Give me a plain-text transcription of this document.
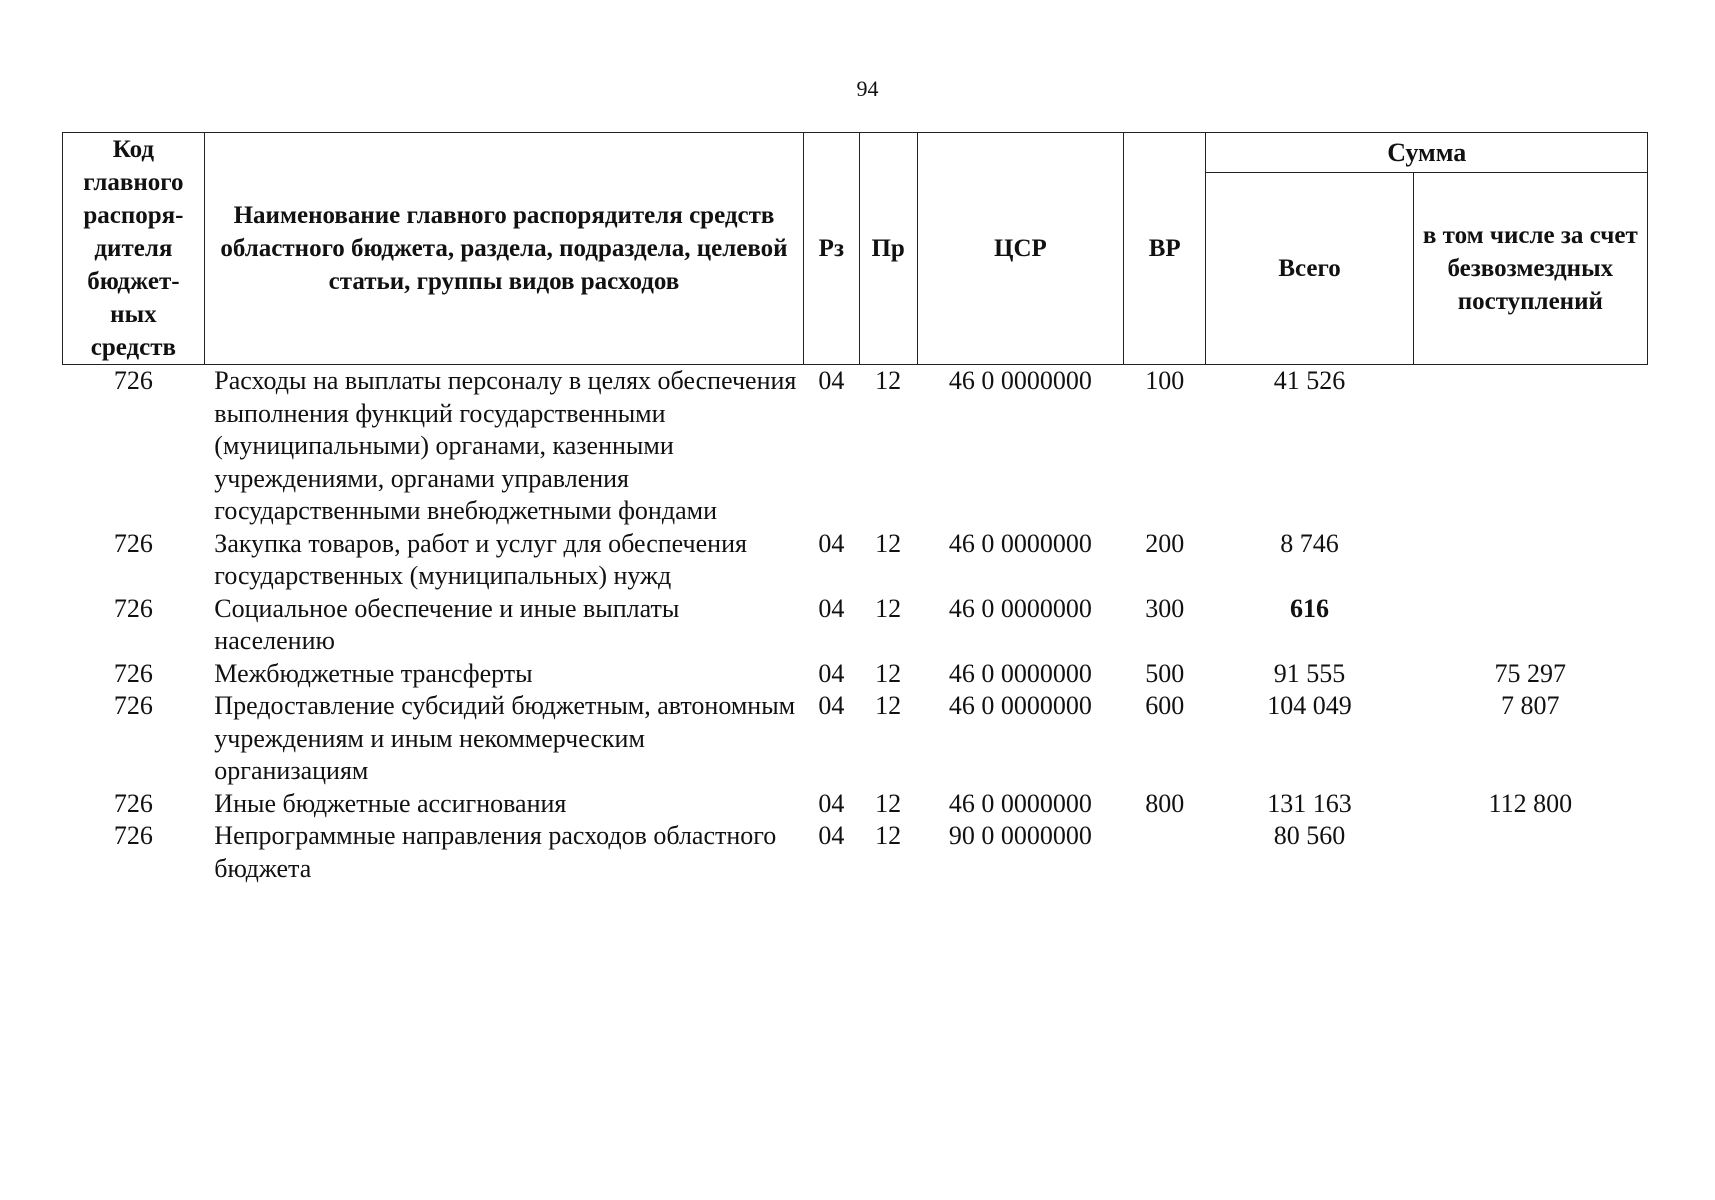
94
Код главного распоря-дителя бюджет-ных средств	Наименование главного распорядителя средств областного бюджета, раздела, подраздела, целевой статьи, группы видов расходов	Рз	Пр	ЦСР	ВР	Сумма	
						Всего	в том числе за счет безвозмездных поступлений
726	Расходы на выплаты персоналу в целях обеспечения выполнения функций государственными (муниципальными) органами, казенными учреждениями, органами управления государственными внебюджетными фондами	04	12	46 0 0000000	100	41 526	
726	Закупка товаров, работ и услуг для обеспечения государственных (муниципальных) нужд	04	12	46 0 0000000	200	8 746	
726	Социальное обеспечение и иные выплаты населению	04	12	46 0 0000000	300	616	
726	Межбюджетные трансферты	04	12	46 0 0000000	500	91 555	75 297
726	Предоставление субсидий бюджетным, автономным учреждениям и иным некоммерческим организациям	04	12	46 0 0000000	600	104 049	7 807
726	Иные бюджетные ассигнования	04	12	46 0 0000000	800	131 163	112 800
726	Непрограммные направления расходов областного бюджета	04	12	90 0 0000000		80 560	
